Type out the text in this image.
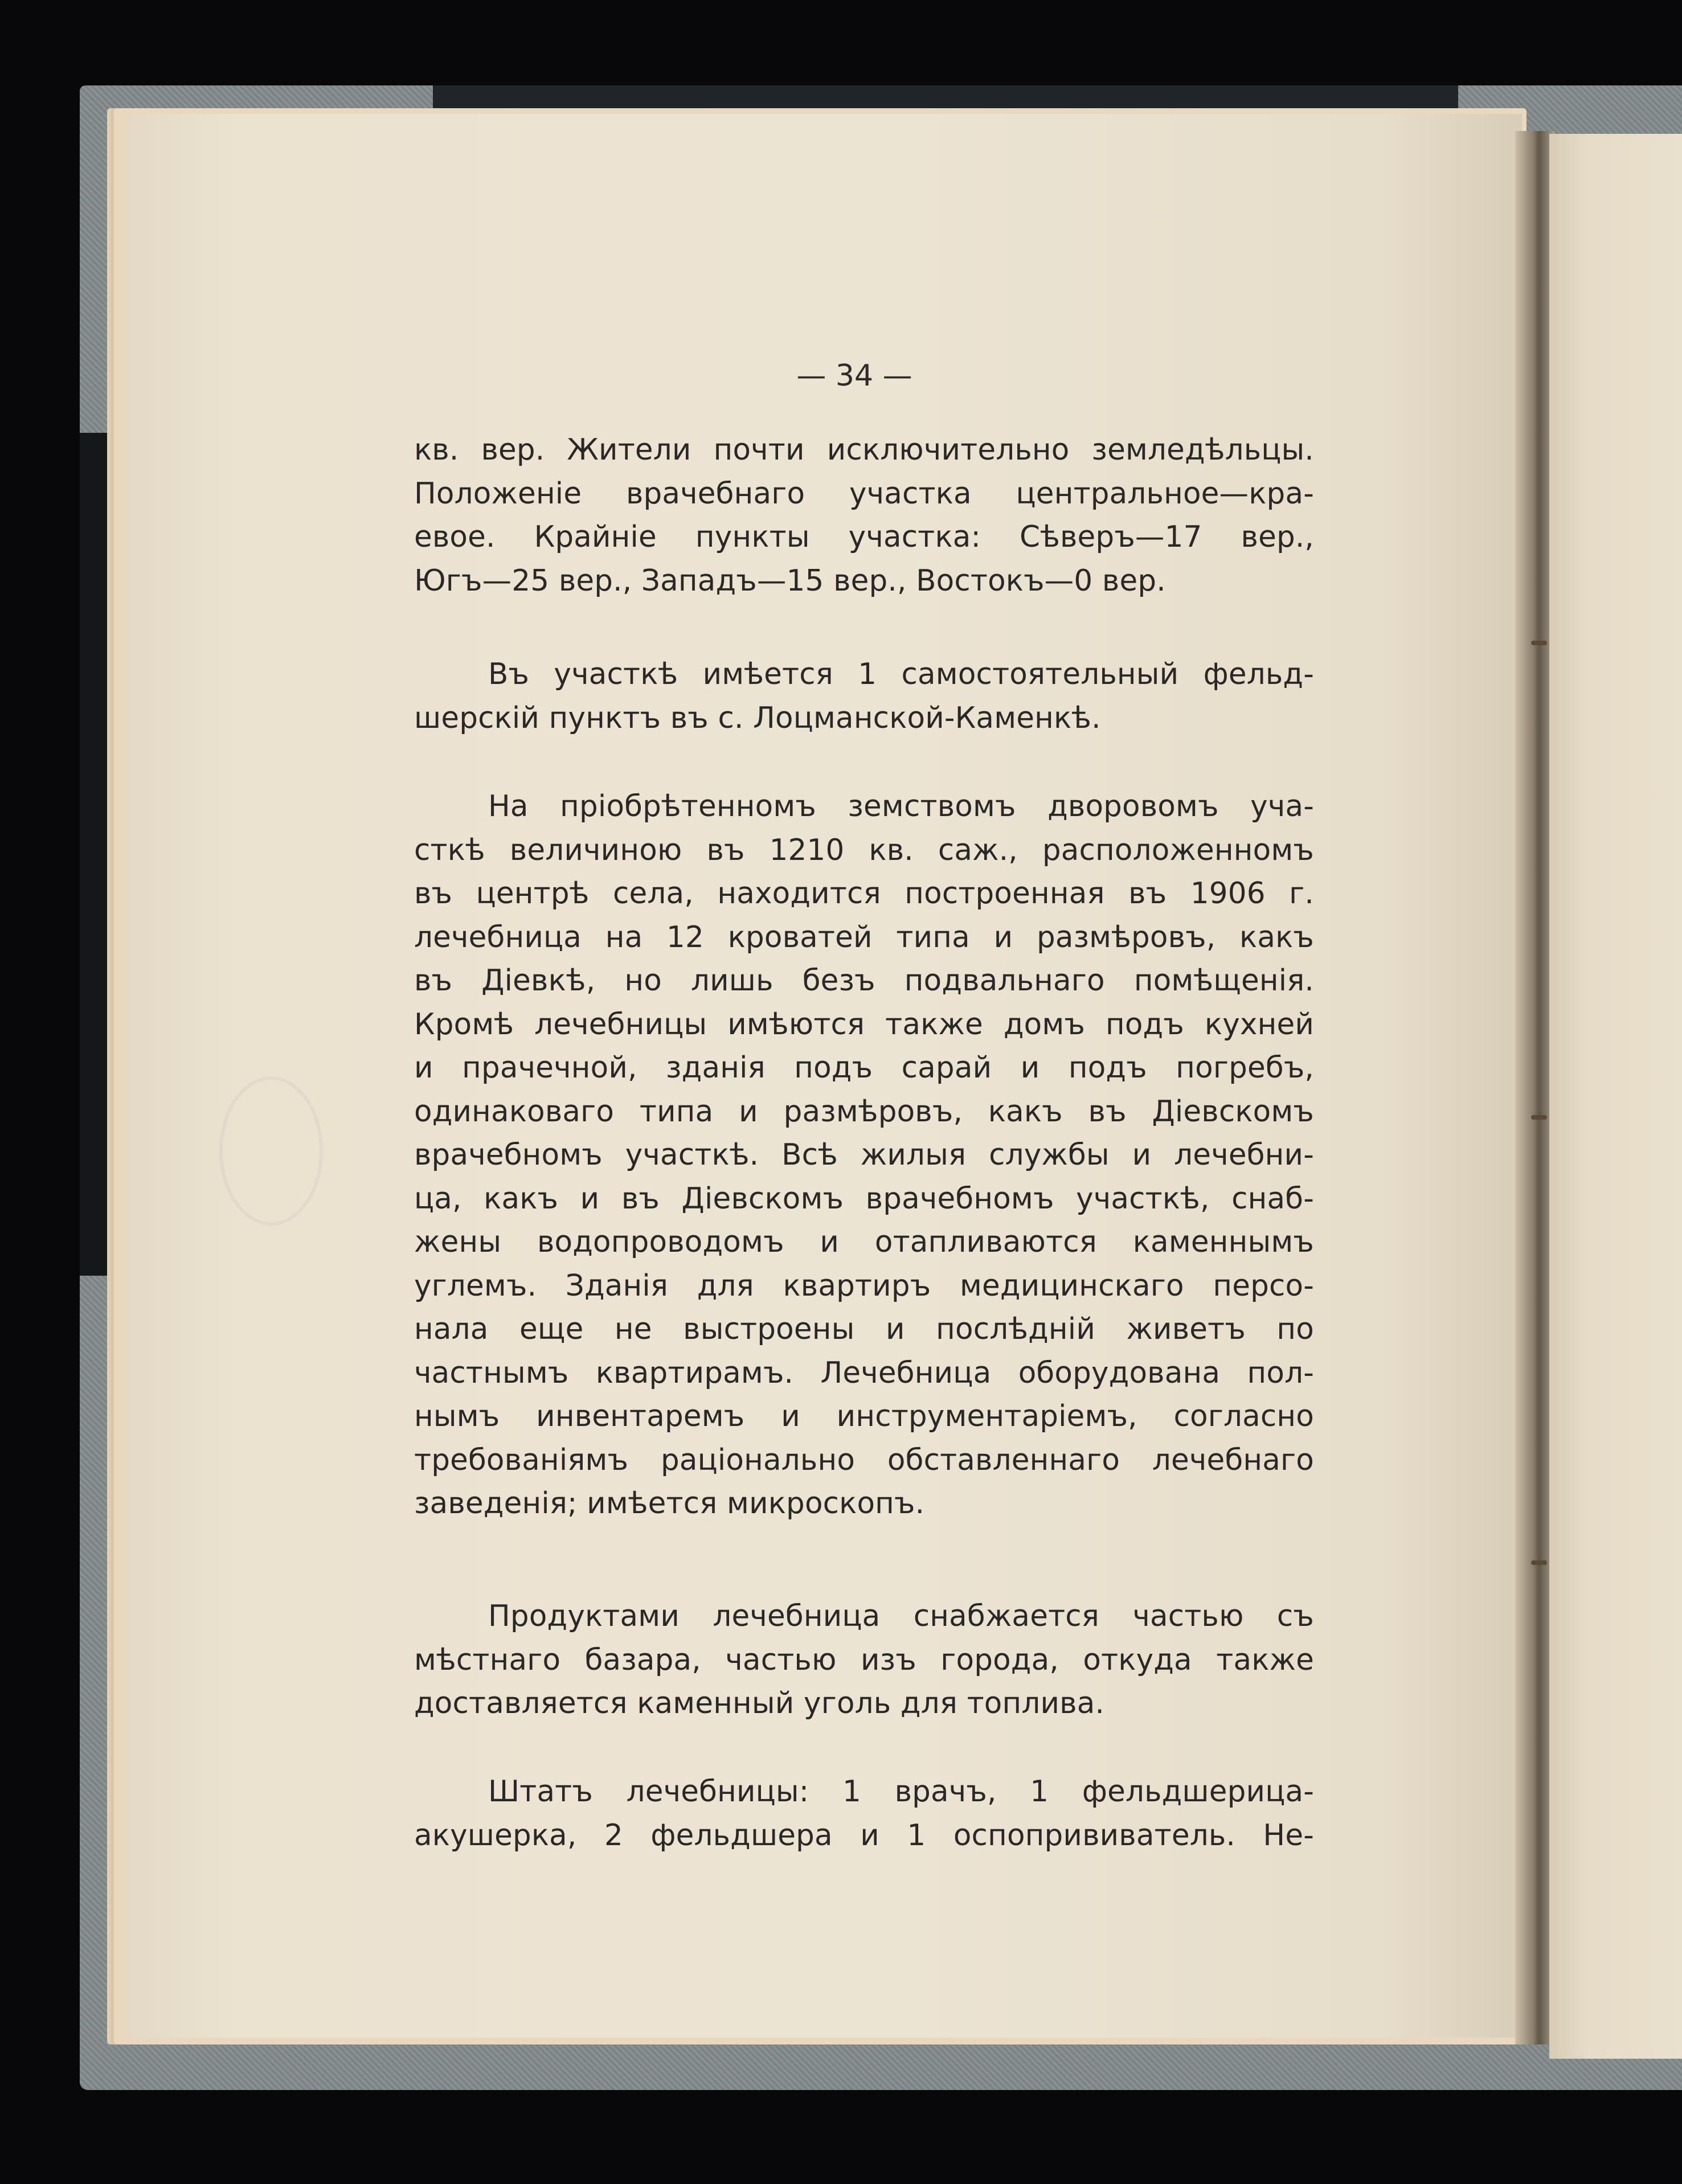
— 34 —
кв. вер. Жители почти исключительно земледѣльцы.
Положеніе врачебнаго участка центральное—кра-
евое. Крайніе пункты участка: Сѣверъ—17 вер.,
Югъ—25 вер., Западъ—15 вер., Востокъ—0 вер.
Въ участкѣ имѣется 1 самостоятельный фельд-
шерскій пунктъ въ с. Лоцманской-Каменкѣ.
На пріобрѣтенномъ земствомъ дворовомъ уча-
сткѣ величиною въ 1210 кв. саж., расположенномъ
въ центрѣ села, находится построенная въ 1906 г.
лечебница на 12 кроватей типа и размѣровъ, какъ
въ Діевкѣ, но лишь безъ подвальнаго помѣщенія.
Кромѣ лечебницы имѣются также домъ подъ кухней
и прачечной, зданія подъ сарай и подъ погребъ,
одинаковаго типа и размѣровъ, какъ въ Діевскомъ
врачебномъ участкѣ. Всѣ жилыя службы и лечебни-
ца, какъ и въ Діевскомъ врачебномъ участкѣ, снаб-
жены водопроводомъ и отапливаются каменнымъ
углемъ. Зданія для квартиръ медицинскаго персо-
нала еще не выстроены и послѣдній живетъ по
частнымъ квартирамъ. Лечебница оборудована пол-
нымъ инвентаремъ и инструментаріемъ, согласно
требованіямъ раціонально обставленнаго лечебнаго
заведенія; имѣется микроскопъ.
Продуктами лечебница снабжается частью съ
мѣстнаго базара, частью изъ города, откуда также
доставляется каменный уголь для топлива.
Штатъ лечебницы: 1 врачъ, 1 фельдшерица-
акушерка, 2 фельдшера и 1 оспопрививатель. Не-
